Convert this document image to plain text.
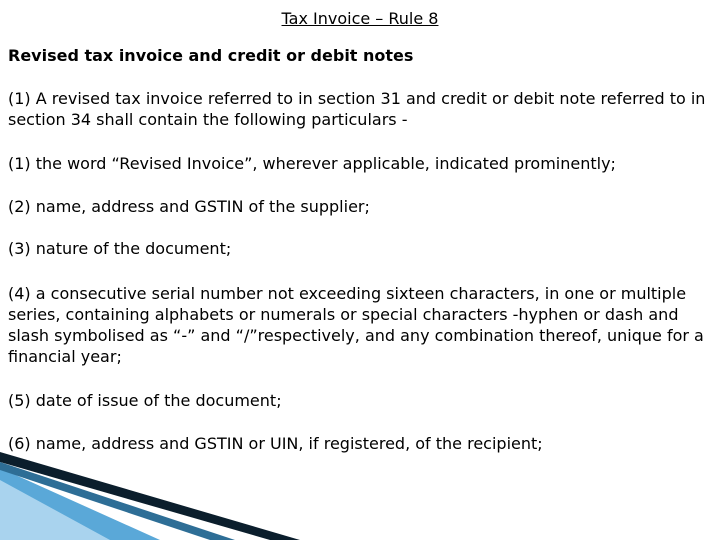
Tax Invoice – Rule 8
Revised tax invoice and credit or debit notes

(1) A revised tax invoice referred to in section 31 and credit or debit note referred to in section 34 shall contain the following particulars -

(1) the word “Revised Invoice”, wherever applicable, indicated prominently;

(2) name, address and GSTIN of the supplier;

(3) nature of the document;

(4) a consecutive serial number not exceeding sixteen characters, in one or multiple series, containing alphabets or numerals or special characters -hyphen or dash and slash symbolised as “-” and “/”respectively, and any combination thereof, unique for a financial year;

(5) date of issue of the document;

(6) name, address and GSTIN or UIN, if registered, of the recipient;
